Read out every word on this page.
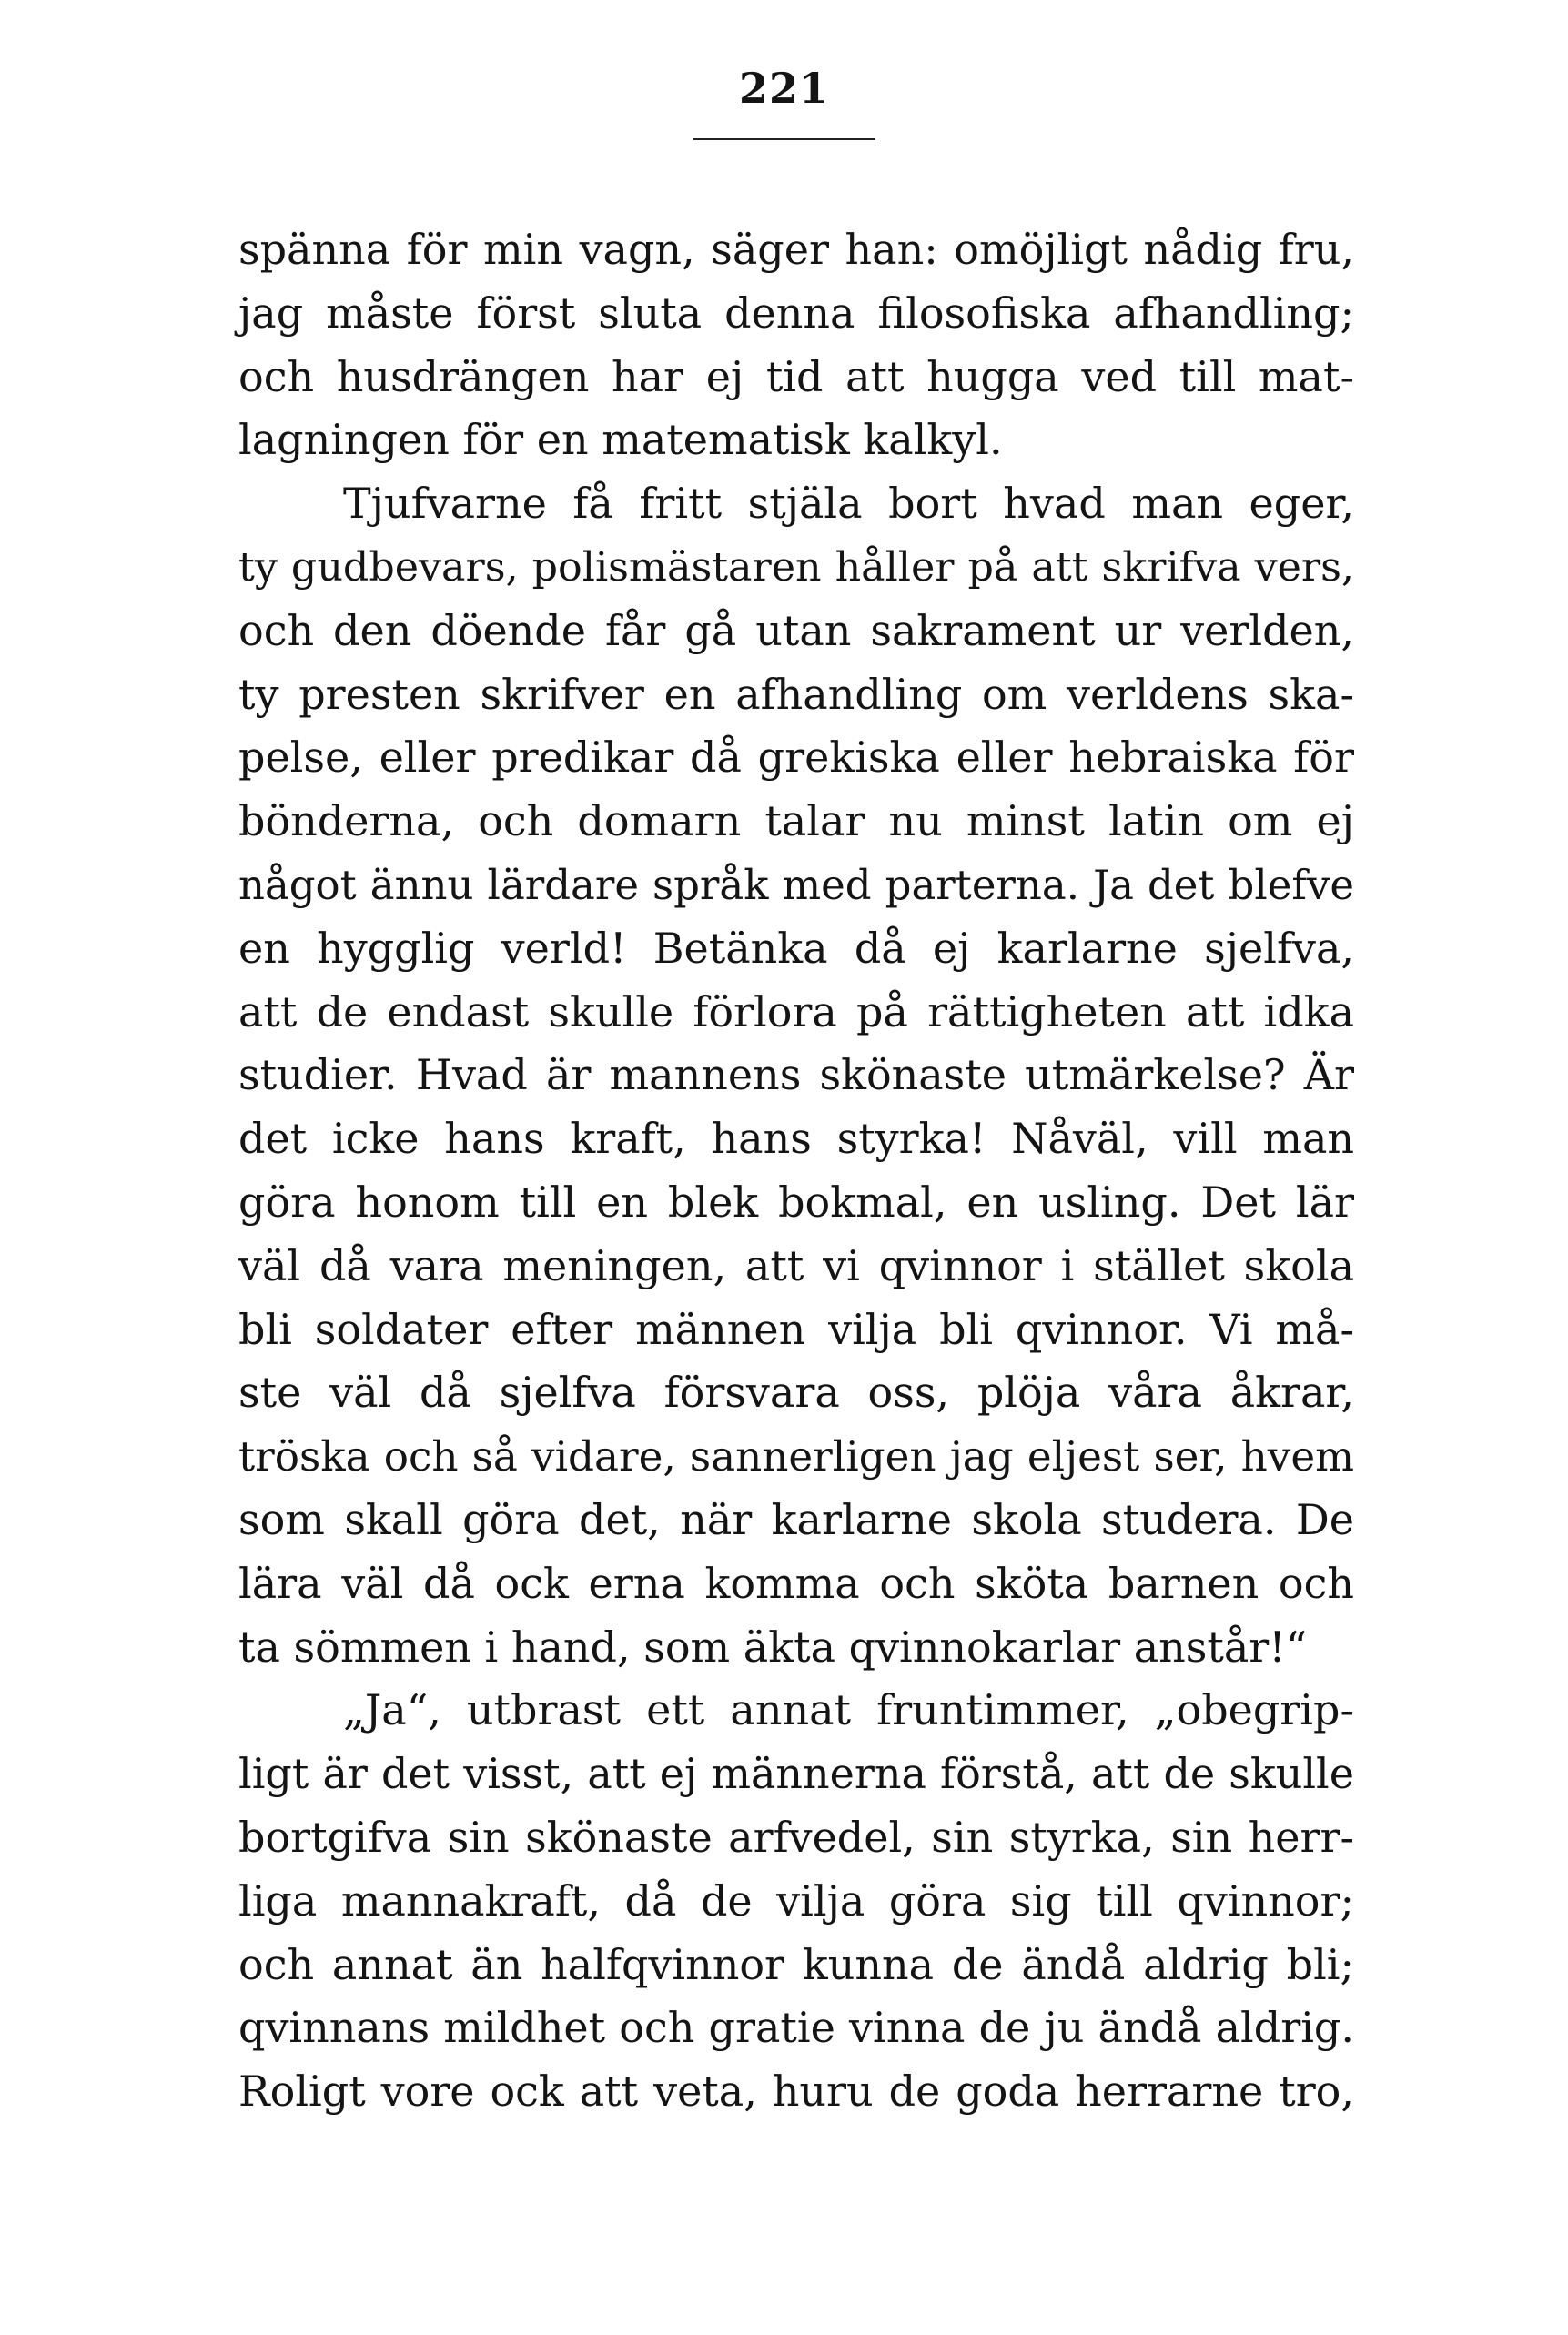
221
spänna för min vagn, säger han: omöjligt nådig fru,
jag måste först sluta denna filosofiska afhandling;
och husdrängen har ej tid att hugga ved till mat-
lagningen för en matematisk kalkyl.
Tjufvarne få fritt stjäla bort hvad man eger,
ty gudbevars, polismästaren håller på att skrifva vers,
och den döende får gå utan sakrament ur verlden,
ty presten skrifver en afhandling om verldens ska-
pelse, eller predikar då grekiska eller hebraiska för
bönderna, och domarn talar nu minst latin om ej
något ännu lärdare språk med parterna. Ja det blefve
en hygglig verld! Betänka då ej karlarne sjelfva,
att de endast skulle förlora på rättigheten att idka
studier. Hvad är mannens skönaste utmärkelse? Är
det icke hans kraft, hans styrka! Nåväl, vill man
göra honom till en blek bokmal, en usling. Det lär
väl då vara meningen, att vi qvinnor i stället skola
bli soldater efter männen vilja bli qvinnor. Vi må-
ste väl då sjelfva försvara oss, plöja våra åkrar,
tröska och så vidare, sannerligen jag eljest ser, hvem
som skall göra det, när karlarne skola studera. De
lära väl då ock erna komma och sköta barnen och
ta sömmen i hand, som äkta qvinnokarlar anstår!“
„Ja“, utbrast ett annat fruntimmer, „obegrip-
ligt är det visst, att ej männerna förstå, att de skulle
bortgifva sin skönaste arfvedel, sin styrka, sin herr-
liga mannakraft, då de vilja göra sig till qvinnor;
och annat än halfqvinnor kunna de ändå aldrig bli;
qvinnans mildhet och gratie vinna de ju ändå aldrig.
Roligt vore ock att veta, huru de goda herrarne tro,
